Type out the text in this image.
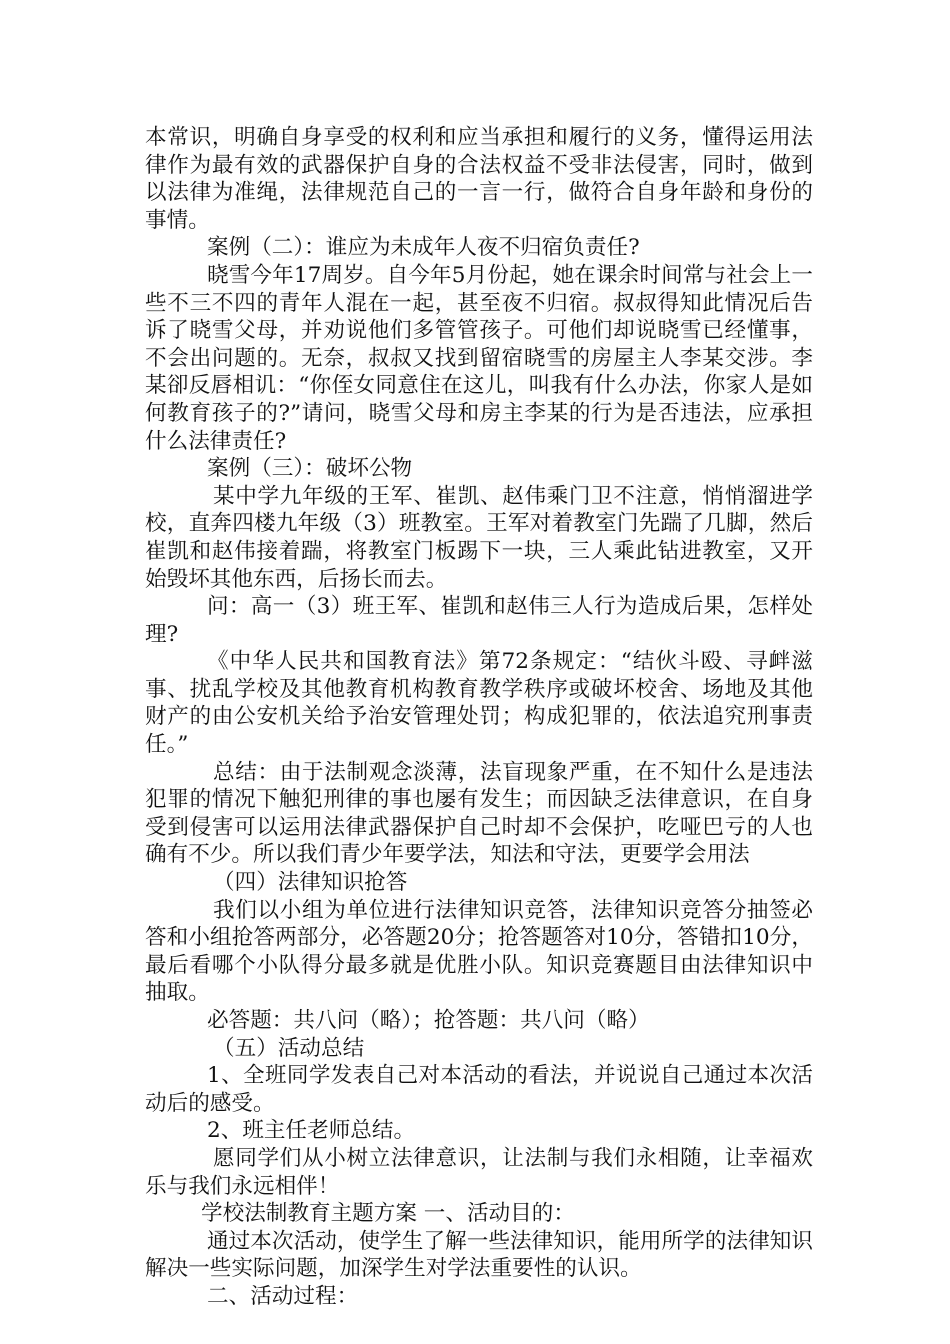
本常识，明确自身享受的权利和应当承担和履行的义务，懂得运用法律作为最有效的武器保护自身的合法权益不受非法侵害，同时，做到以法律为准绳，法律规范自己的一言一行，做符合自身年龄和身份的事情。

案例（二）：谁应为未成年人夜不归宿负责任?

晓雪今年17周岁。自今年5月份起，她在课余时间常与社会上一些不三不四的青年人混在一起，甚至夜不归宿。叔叔得知此情况后告诉了晓雪父母，并劝说他们多管管孩子。可他们却说晓雪已经懂事，不会出问题的。无奈，叔叔又找到留宿晓雪的房屋主人李某交涉。李某卻反唇相讥：“你侄女同意住在这儿，叫我有什么办法，你家人是如何教育孩子的?”请问，晓雪父母和房主李某的行为是否违法，应承担什么法律责任?

案例（三）：破坏公物

某中学九年级的王军、崔凯、赵伟乘门卫不注意，悄悄溜进学校，直奔四楼九年级（3）班教室。王军对着教室门先踹了几脚，然后崔凯和赵伟接着踹，将教室门板踢下一块，三人乘此钻进教室，又开始毁坏其他东西，后扬长而去。

问：高一（3）班王军、崔凯和赵伟三人行为造成后果，怎样处理?

《中华人民共和国教育法》第72条规定：“结伙斗殴、寻衅滋事、扰乱学校及其他教育机构教育教学秩序或破坏校舍、场地及其他财产的由公安机关给予治安管理处罚；构成犯罪的，依法追究刑事责任。”

总结：由于法制观念淡薄，法盲现象严重，在不知什么是违法犯罪的情况下触犯刑律的事也屡有发生；而因缺乏法律意识，在自身受到侵害可以运用法律武器保护自己时却不会保护，吃哑巴亏的人也确有不少。所以我们青少年要学法，知法和守法，更要学会用法

（四）法律知识抢答

我们以小组为单位进行法律知识竞答，法律知识竞答分抽签必答和小组抢答两部分，必答题20分；抢答题答对10分，答错扣10分，最后看哪个小队得分最多就是优胜小队。知识竞赛题目由法律知识中抽取。

必答题：共八问（略）；抢答题：共八问（略）

（五）活动总结

1、全班同学发表自己对本活动的看法，并说说自己通过本次活动后的感受。

2、班主任老师总结。

愿同学们从小树立法律意识，让法制与我们永相随，让幸福欢乐与我们永远相伴！

学校法制教育主题方案 一、活动目的：

通过本次活动，使学生了解一些法律知识，能用所学的法律知识解决一些实际问题，加深学生对学法重要性的认识。

二、活动过程：
